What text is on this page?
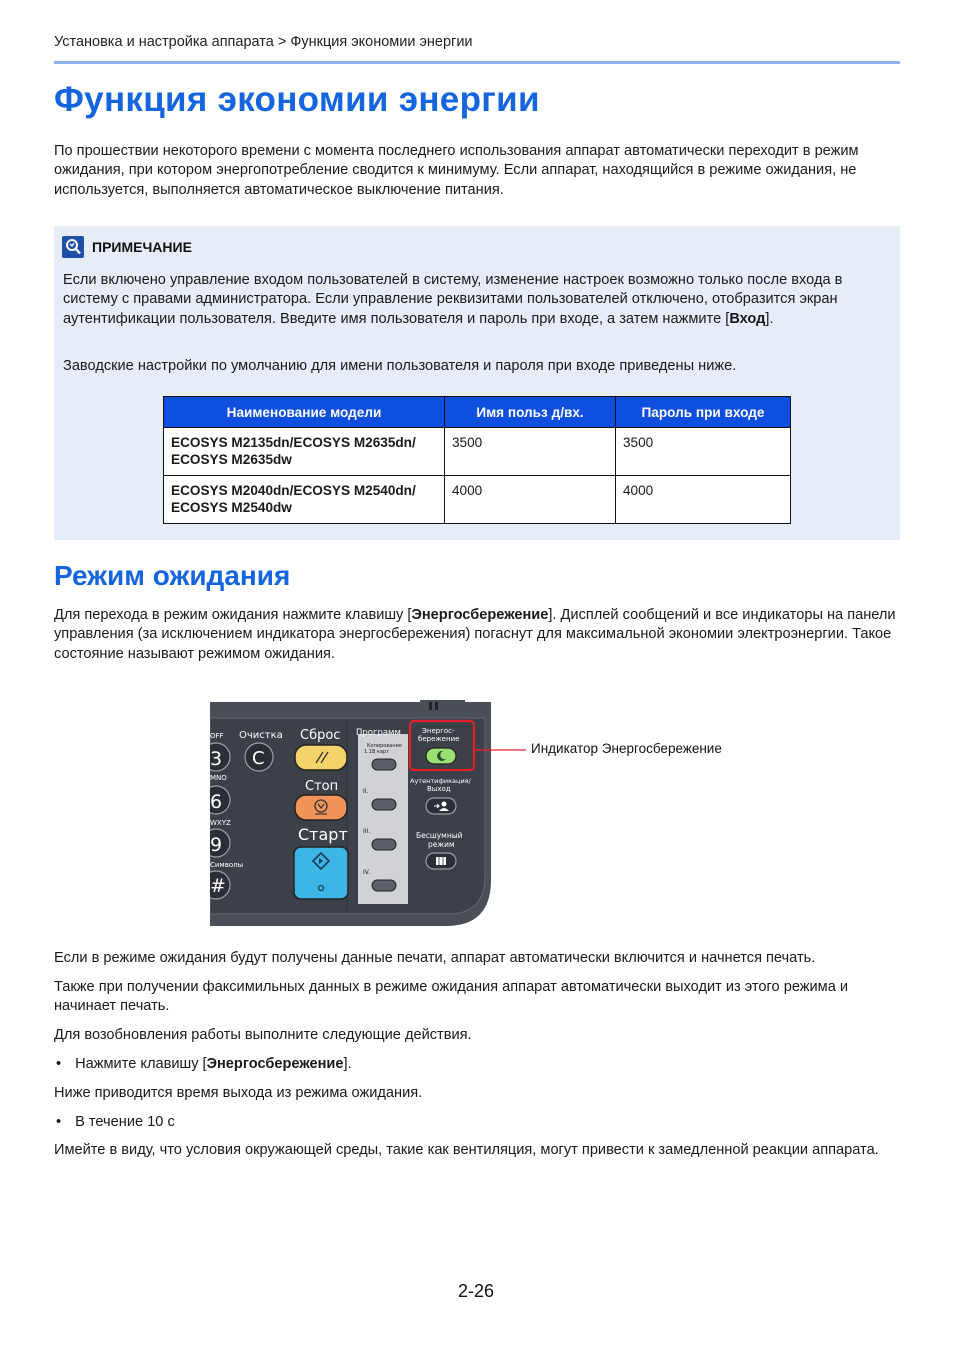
Установка и настройка аппарата > Функция экономии энергии
Функция экономии энергии

По прошествии некоторого времени с момента последнего использования аппарат автоматически переходит в режим ожидания, при котором энергопотребление сводится к минимуму. Если аппарат, находящийся в режиме ожидания, не используется, выполняется автоматическое выключение питания.

ПРИМЕЧАНИЕ

Если включено управление входом пользователей в систему, изменение настроек возможно только после входа в систему с правами администратора. Если управление реквизитами пользователей отключено, отобразится экран аутентификации пользователя. Введите имя пользователя и пароль при входе, а затем нажмите [Вход].

Заводские настройки по умолчанию для имени пользователя и пароля при входе приведены ниже.

Наименование модели	Имя польз д/вх.	Пароль при входе
ECOSYS M2135dn/ECOSYS M2635dn/
ECOSYS M2635dw	3500	3500
ECOSYS M2040dn/ECOSYS M2540dn/
ECOSYS M2540dw	4000	4000
Режим ожидания

Для перехода в режим ожидания нажмите клавишу [Энергосбережение]. Дисплей сообщений и все индикаторы на панели управления (за исключением индикатора энергосбережения) погаснут для максимальной экономии электроэнергии. Такое состояние называют режимом ожидания.

OFF
3
MNO
6
WXYZ
9
Символы
#
Очистка
C
Сброс
Стоп
Старт
Программ
Копирование
1.1В карт
II.
III.
IV.
Энергос-
бережение
Аутентификация/
Выход
Бесшумный
режим
Индикатор Энергосбережение

Если в режиме ожидания будут получены данные печати, аппарат автоматически включится и начнется печать.

Также при получении факсимильных данных в режиме ожидания аппарат автоматически выходит из этого режима и начинает печать.

Для возобновления работы выполните следующие действия.

• Нажмите клавишу [Энергосбережение].

Ниже приводится время выхода из режима ожидания.

• В течение 10 с

Имейте в виду, что условия окружающей среды, такие как вентиляция, могут привести к замедленной реакции аппарата.

2-26
